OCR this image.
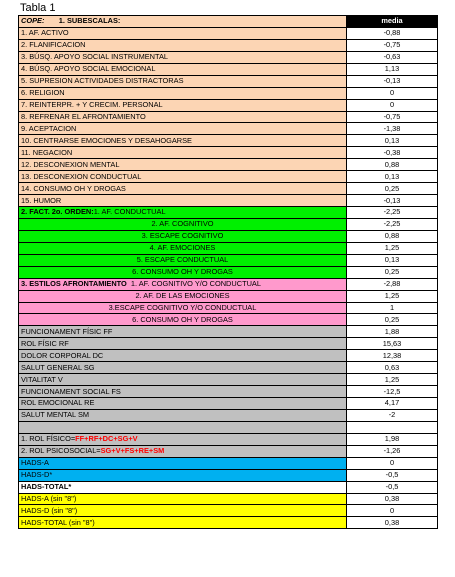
Tabla 1
COPE: 1. SUBESCALAS:	media
1. AF. ACTIVO	-0,88
2. FLANIFICACION	-0,75
3. BÚSQ. APOYO SOCIAL INSTRUMENTAL	-0,63
4. BÚSQ. APOYO SOCIAL EMOCIONAL	1,13
5. SUPRESION ACTIVIDADES DISTRACTORAS	-0,13
6. RELIGION	0
7. REINTERPR. + Y CRECIM. PERSONAL	0
8. REFRENAR EL AFRONTAMIENTO	-0,75
9. ACEPTACION	-1,38
10. CENTRARSE EMOCIONES Y DESAHOGARSE	0,13
11. NEGACION	-0,38
12. DESCONEXION MENTAL	0,88
13. DESCONEXION CONDUCTUAL	0,13
14. CONSUMO OH Y DROGAS	0,25
15. HUMOR	-0,13
2. FACT. 2o. ORDEN:1. AF. CONDUCTUAL	-2,25
2. AF. COGNITIVO	-2,25
3. ESCAPE COGNITIVO	0,88
4. AF. EMOCIONES	1,25
5. ESCAPE CONDUCTUAL	0,13
6. CONSUMO OH Y DROGAS	0,25
3. ESTILOS AFRONTAMIENTO 1. AF. COGNITIVO Y/O CONDUCTUAL	-2,88
2. AF. DE LAS EMOCIONES	1,25
3.ESCAPE COGNITIVO Y/O CONDUCTUAL	1
6. CONSUMO OH Y DROGAS	0,25
FUNCIONAMENT FÍSIC FF	1,88
ROL FÍSIC RF	15,63
DOLOR CORPORAL DC	12,38
SALUT GENERAL SG	0,63
VITALITAT V	1,25
FUNCIONAMENT SOCIAL FS	-12,5
ROL EMOCIONAL RE	4,17
SALUT MENTAL SM	-2

1. ROL FÍSICO=FF+RF+DC+SG+V	1,98
2. ROL PSICOSOCIAL=SG+V+FS+RE+SM	-1,26
HADS-A	0
HADS-D*	-0,5
HADS-TOTAL*	-0,5
HADS-A (sin "8")	0,38
HADS-D (sin "8")	0
HADS-TOTAL (sin "8")	0,38
